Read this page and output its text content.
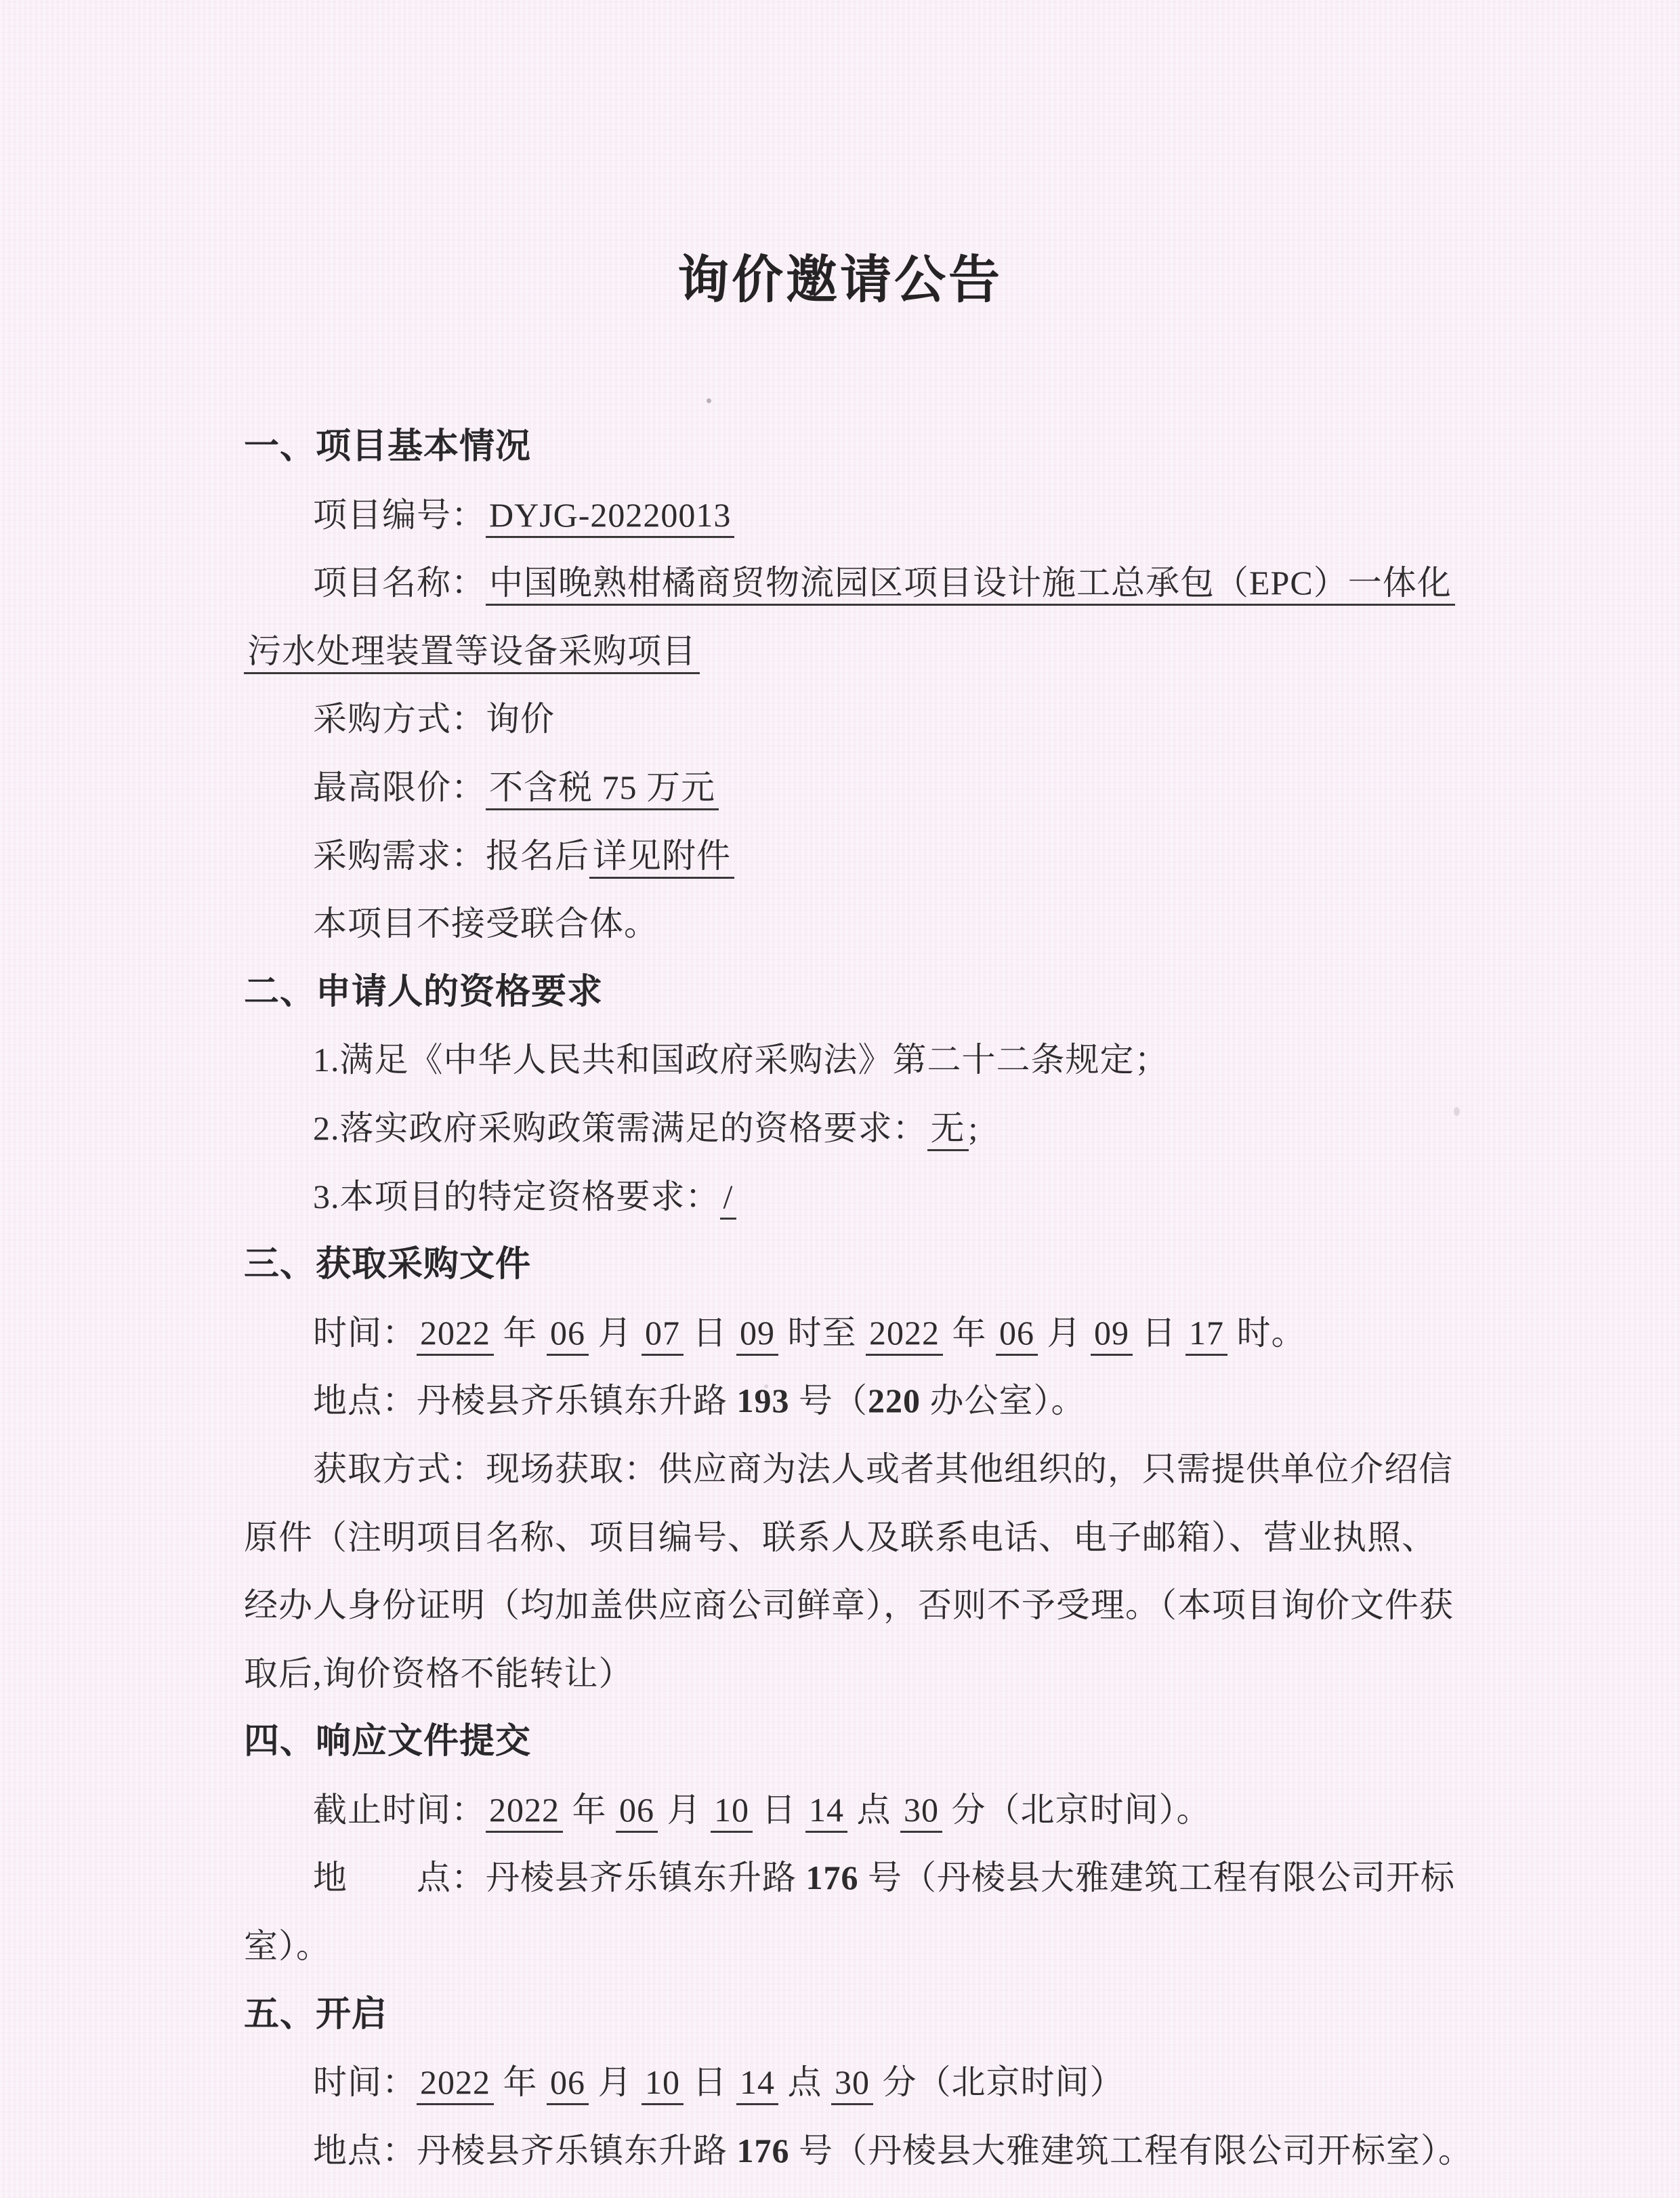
询价邀请公告
一、项目基本情况
项目编号： DYJG-20220013
项目名称： 中国晚熟柑橘商贸物流园区项目设计施工总承包（EPC）一体化
污水处理装置等设备采购项目
采购方式：询价
最高限价： 不含税 75 万元
采购需求：报名后 详见附件
本项目不接受联合体。
二、申请人的资格要求
1.满足《中华人民共和国政府采购法》第二十二条规定；
2.落实政府采购政策需满足的资格要求： 无 ;
3.本项目的特定资格要求： /
三、获取采购文件
时间： 2022 年 06 月 07 日 09 时至 2022 年 06 月 09 日 17 时。
地点：丹棱县齐乐镇东升路 193 号（220 办公室）。
获取方式：现场获取：供应商为法人或者其他组织的，只需提供单位介绍信
原件（注明项目名称、项目编号、联系人及联系电话、电子邮箱）、营业执照、
经办人身份证明（均加盖供应商公司鲜章），否则不予受理。（本项目询价文件获
取后,询价资格不能转让）
四、响应文件提交
截止时间： 2022 年 06 月 10 日 14 点 30 分（北京时间）。
地　　点：丹棱县齐乐镇东升路 176 号（丹棱县大雅建筑工程有限公司开标
室）。
五、开启
时间： 2022 年 06 月 10 日 14 点 30 分（北京时间）
地点：丹棱县齐乐镇东升路 176 号（丹棱县大雅建筑工程有限公司开标室）。
